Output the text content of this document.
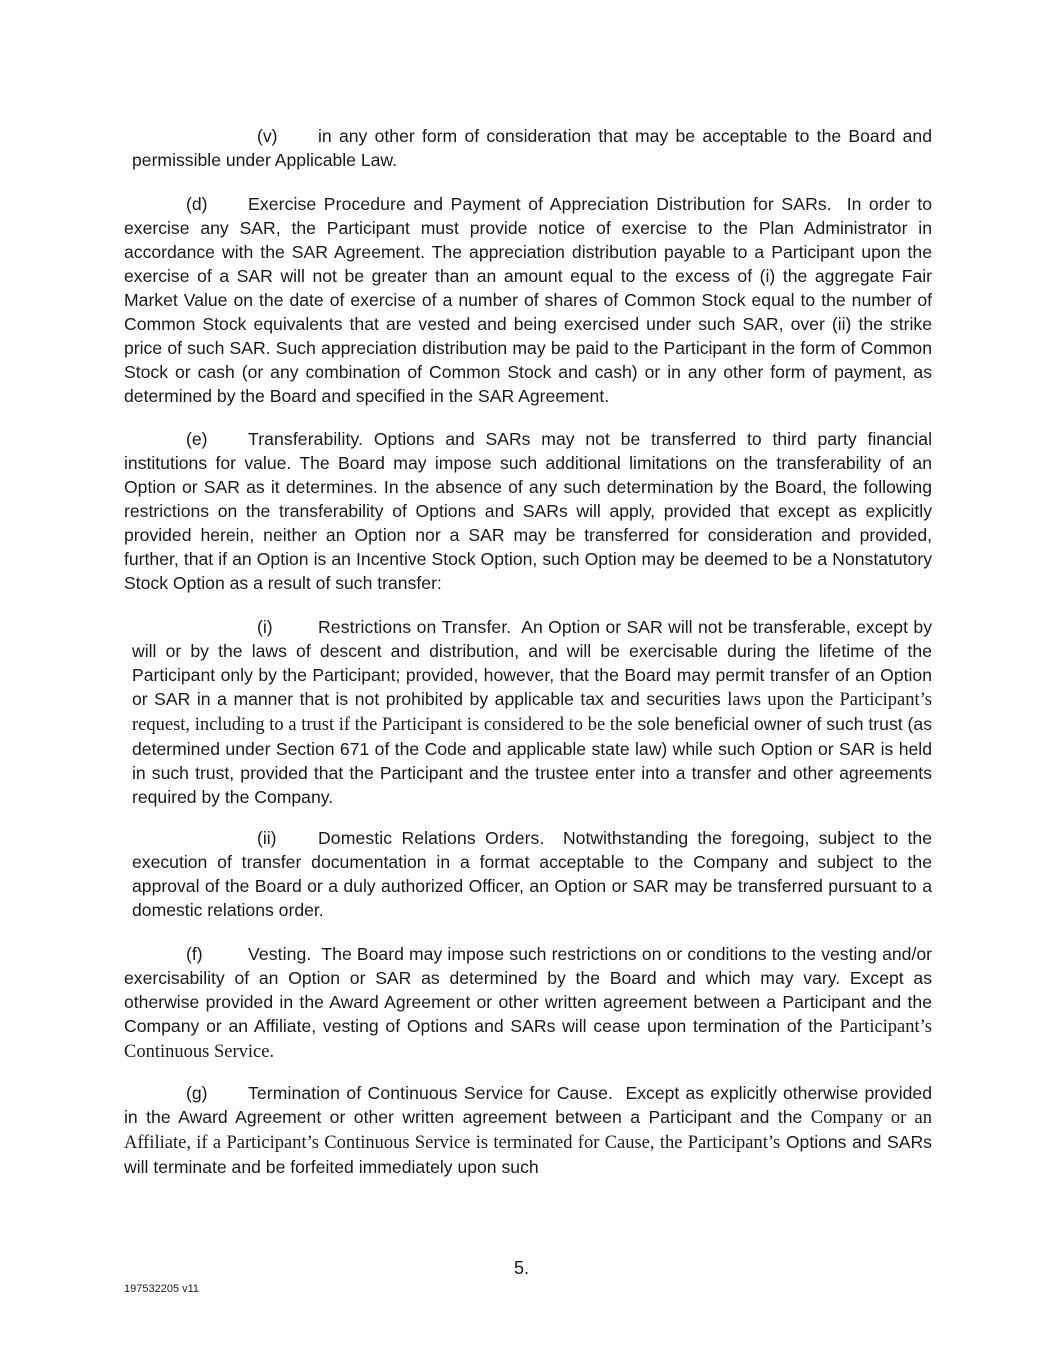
(v) in any other form of consideration that may be acceptable to the Board and permissible under Applicable Law.

(d) Exercise Procedure and Payment of Appreciation Distribution for SARs. In order to exercise any SAR, the Participant must provide notice of exercise to the Plan Administrator in accordance with the SAR Agreement. The appreciation distribution payable to a Participant upon the exercise of a SAR will not be greater than an amount equal to the excess of (i) the aggregate Fair Market Value on the date of exercise of a number of shares of Common Stock equal to the number of Common Stock equivalents that are vested and being exercised under such SAR, over (ii) the strike price of such SAR. Such appreciation distribution may be paid to the Participant in the form of Common Stock or cash (or any combination of Common Stock and cash) or in any other form of payment, as determined by the Board and specified in the SAR Agreement.

(e) Transferability. Options and SARs may not be transferred to third party financial institutions for value. The Board may impose such additional limitations on the transferability of an Option or SAR as it determines. In the absence of any such determination by the Board, the following restrictions on the transferability of Options and SARs will apply, provided that except as explicitly provided herein, neither an Option nor a SAR may be transferred for consideration and provided, further, that if an Option is an Incentive Stock Option, such Option may be deemed to be a Nonstatutory Stock Option as a result of such transfer:

(i)	Restrictions on Transfer. An Option or SAR will not be transferable, except by will or by the laws of descent and distribution, and will be exercisable during the lifetime of the Participant only by the Participant; provided, however, that the Board may permit transfer of an Option or SAR in a manner that is not prohibited by applicable tax and securities laws upon the Participant’s request, including to a trust if the Participant is considered to be the sole beneficial owner of such trust (as determined under Section 671 of the Code and applicable state law) while such Option or SAR is held in such trust, provided that the Participant and the trustee enter into a transfer and other agreements required by the Company.

(ii) Domestic Relations Orders. Notwithstanding the foregoing, subject to the execution of transfer documentation in a format acceptable to the Company and subject to the approval of the Board or a duly authorized Officer, an Option or SAR may be transferred pursuant to a domestic relations order.

(f)	Vesting. The Board may impose such restrictions on or conditions to the vesting and/or exercisability of an Option or SAR as determined by the Board and which may vary. Except as otherwise provided in the Award Agreement or other written agreement between a Participant and the Company or an Affiliate, vesting of Options and SARs will cease upon termination of the Participant’s Continuous Service.

(g) Termination of Continuous Service for Cause. Except as explicitly otherwise provided in the Award Agreement or other written agreement between a Participant and the Company or an Affiliate, if a Participant’s Continuous Service is terminated for Cause, the Participant’s Options and SARs will terminate and be forfeited immediately upon such

5.
197532205 v11
